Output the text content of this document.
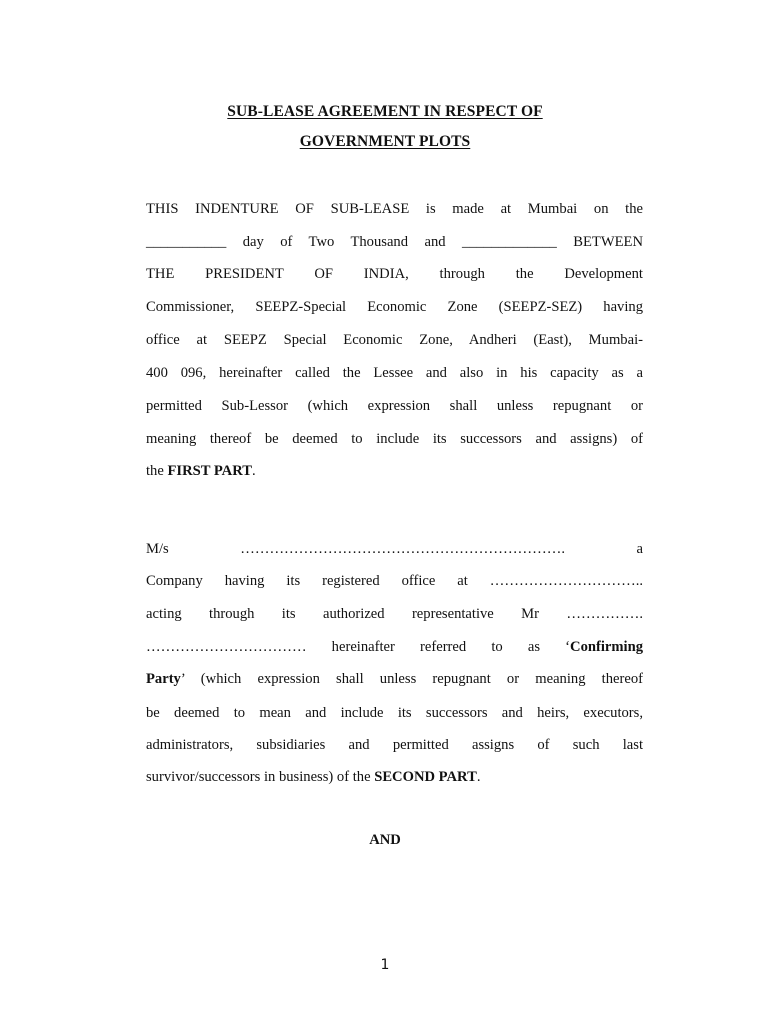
SUB-LEASE AGREEMENT IN RESPECT OF
GOVERNMENT PLOTS
THIS INDENTURE OF SUB-LEASE is made at Mumbai on the
___________ day of Two Thousand and _____________ BETWEEN
THE PRESIDENT OF INDIA, through the Development
Commissioner, SEEPZ-Special Economic Zone (SEEPZ-SEZ) having
office at SEEPZ Special Economic Zone, Andheri (East), Mumbai-
400 096, hereinafter called the Lessee and also in his capacity as a
permitted Sub-Lessor (which expression shall unless repugnant or
meaning thereof be deemed to include its successors and assigns) of
the FIRST PART.
M/s …………………………………………………………. a
Company having its registered office at …………………………..
acting through its authorized representative Mr …………….
…………………………… hereinafter referred to as ‘Confirming
Party’ (which expression shall unless repugnant or meaning thereof
be deemed to mean and include its successors and heirs, executors,
administrators, subsidiaries and permitted assigns of such last
survivor/successors in business) of the SECOND PART.
AND
1
